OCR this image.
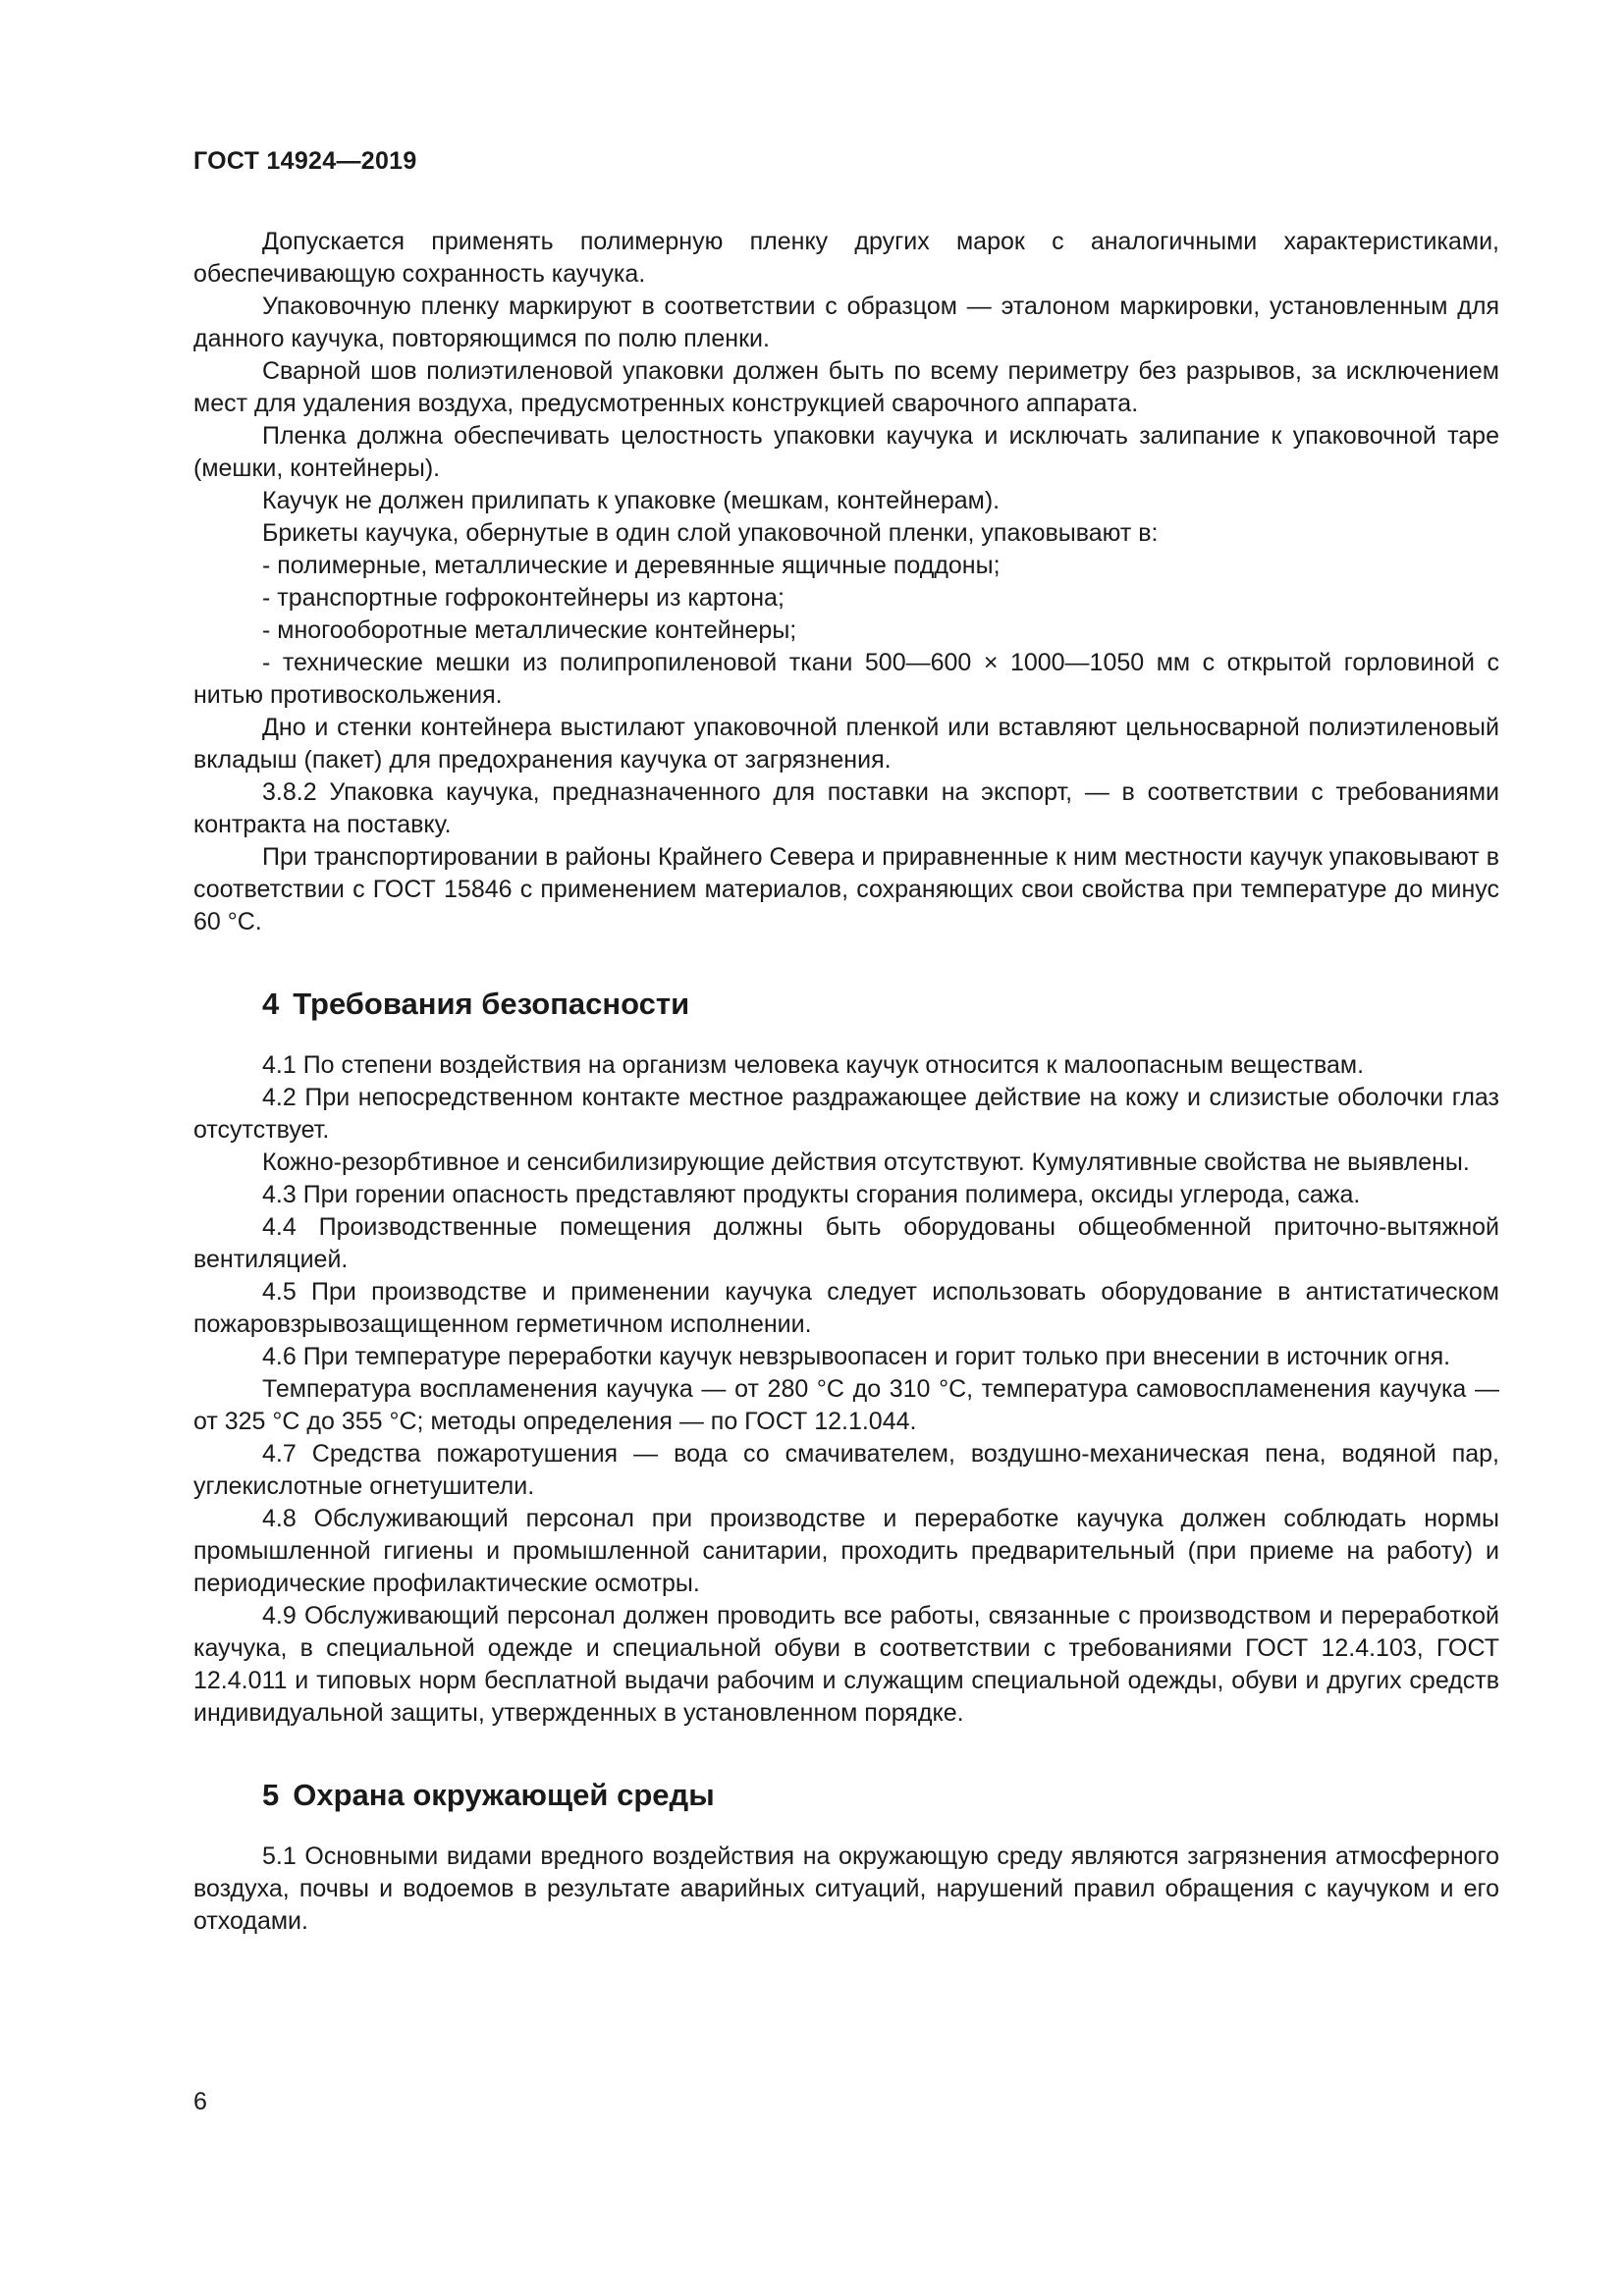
ГОСТ 14924—2019

Допускается применять полимерную пленку других марок с аналогичными характеристиками, обеспечивающую сохранность каучука.

Упаковочную пленку маркируют в соответствии с образцом — эталоном маркировки, установленным для данного каучука, повторяющимся по полю пленки.

Сварной шов полиэтиленовой упаковки должен быть по всему периметру без разрывов, за исключением мест для удаления воздуха, предусмотренных конструкцией сварочного аппарата.

Пленка должна обеспечивать целостность упаковки каучука и исключать залипание к упаковочной таре (мешки, контейнеры).

Каучук не должен прилипать к упаковке (мешкам, контейнерам).

Брикеты каучука, обернутые в один слой упаковочной пленки, упаковывают в:

- полимерные, металлические и деревянные ящичные поддоны;

- транспортные гофроконтейнеры из картона;

- многооборотные металлические контейнеры;

- технические мешки из полипропиленовой ткани 500—600 × 1000—1050 мм с открытой горловиной с нитью противоскольжения.

Дно и стенки контейнера выстилают упаковочной пленкой или вставляют цельносварной полиэтиленовый вкладыш (пакет) для предохранения каучука от загрязнения.

3.8.2 Упаковка каучука, предназначенного для поставки на экспорт, — в соответствии с требованиями контракта на поставку.

При транспортировании в районы Крайнего Севера и приравненные к ним местности каучук упаковывают в соответствии с ГОСТ 15846 с применением материалов, сохраняющих свои свойства при температуре до минус 60 °С.

4 Требования безопасности

4.1 По степени воздействия на организм человека каучук относится к малоопасным веществам.

4.2 При непосредственном контакте местное раздражающее действие на кожу и слизистые оболочки глаз отсутствует.

Кожно-резорбтивное и сенсибилизирующие действия отсутствуют. Кумулятивные свойства не выявлены.

4.3 При горении опасность представляют продукты сгорания полимера, оксиды углерода, сажа.

4.4 Производственные помещения должны быть оборудованы общеобменной приточно-вытяжной вентиляцией.

4.5 При производстве и применении каучука следует использовать оборудование в антистатическом пожаровзрывозащищенном герметичном исполнении.

4.6 При температуре переработки каучук невзрывоопасен и горит только при внесении в источник огня.

Температура воспламенения каучука — от 280 °С до 310 °С, температура самовоспламенения каучука — от 325 °С до 355 °С; методы определения — по ГОСТ 12.1.044.

4.7 Средства пожаротушения — вода со смачивателем, воздушно-механическая пена, водяной пар, углекислотные огнетушители.

4.8 Обслуживающий персонал при производстве и переработке каучука должен соблюдать нормы промышленной гигиены и промышленной санитарии, проходить предварительный (при приеме на работу) и периодические профилактические осмотры.

4.9 Обслуживающий персонал должен проводить все работы, связанные с производством и переработкой каучука, в специальной одежде и специальной обуви в соответствии с требованиями ГОСТ 12.4.103, ГОСТ 12.4.011 и типовых норм бесплатной выдачи рабочим и служащим специальной одежды, обуви и других средств индивидуальной защиты, утвержденных в установленном порядке.

5 Охрана окружающей среды

5.1 Основными видами вредного воздействия на окружающую среду являются загрязнения атмосферного воздуха, почвы и водоемов в результате аварийных ситуаций, нарушений правил обращения с каучуком и его отходами.

6
